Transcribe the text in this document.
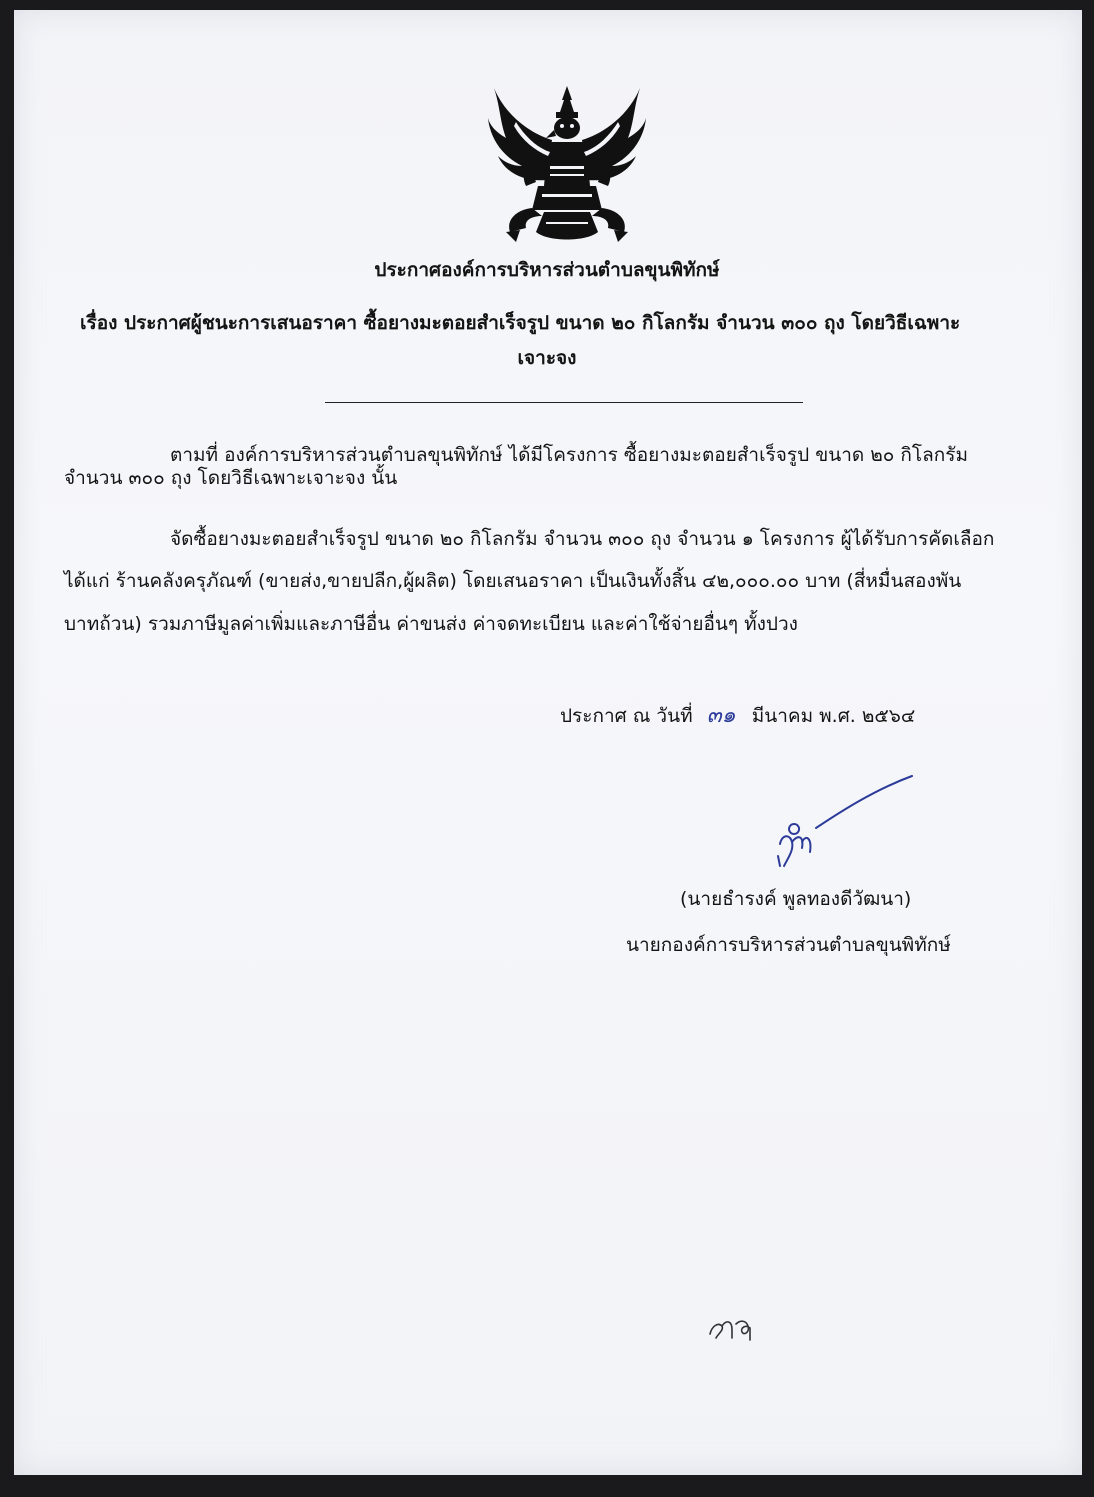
ประกาศองค์การบริหารส่วนตำบลขุนพิทักษ์
เรื่อง ประกาศผู้ชนะการเสนอราคา ซื้อยางมะตอยสำเร็จรูป ขนาด ๒๐ กิโลกรัม จำนวน ๓๐๐ ถุง โดยวิธีเฉพาะ
เจาะจง
ตามที่ องค์การบริหารส่วนตำบลขุนพิทักษ์ ได้มีโครงการ ซื้อยางมะตอยสำเร็จรูป ขนาด ๒๐ กิโลกรัม
จำนวน ๓๐๐ ถุง โดยวิธีเฉพาะเจาะจง นั้น
จัดซื้อยางมะตอยสำเร็จรูป ขนาด ๒๐ กิโลกรัม จำนวน ๓๐๐ ถุง จำนวน ๑ โครงการ ผู้ได้รับการคัดเลือก
ได้แก่ ร้านคลังครุภัณฑ์ (ขายส่ง,ขายปลีก,ผู้ผลิต) โดยเสนอราคา เป็นเงินทั้งสิ้น ๔๒,๐๐๐.๐๐ บาท (สี่หมื่นสองพัน
บาทถ้วน) รวมภาษีมูลค่าเพิ่มและภาษีอื่น ค่าขนส่ง ค่าจดทะเบียน และค่าใช้จ่ายอื่นๆ ทั้งปวง
ประกาศ ณ วันที่ ๓๑ มีนาคม พ.ศ. ๒๕๖๔
(นายธำรงค์ พูลทองดีวัฒนา)
นายกองค์การบริหารส่วนตำบลขุนพิทักษ์
